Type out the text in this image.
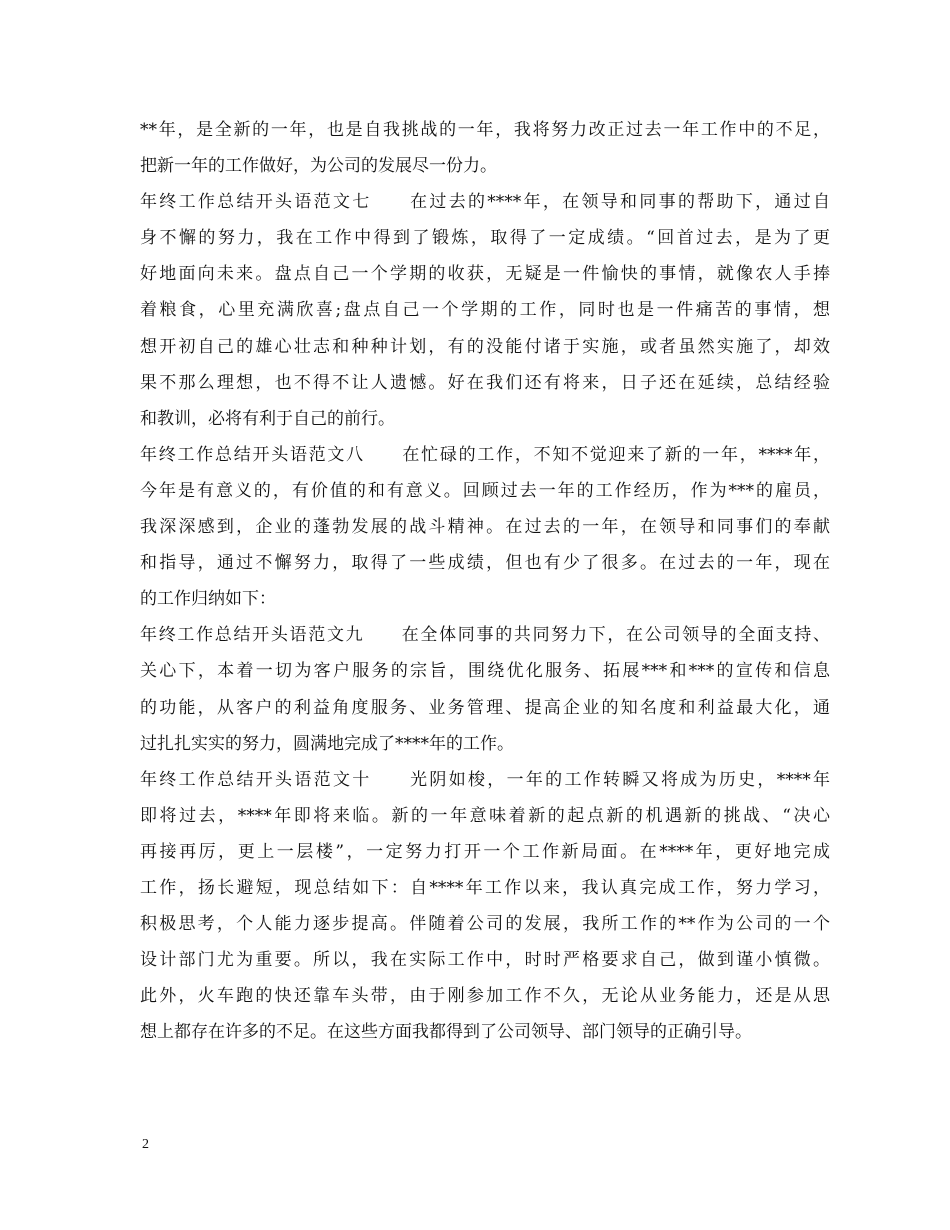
**年，是全新的一年，也是自我挑战的一年，我将努力改正过去一年工作中的不足，
把新一年的工作做好，为公司的发展尽一份力。
年终工作总结开头语范文七　　在过去的****年，在领导和同事的帮助下，通过自
身不懈的努力，我在工作中得到了锻炼，取得了一定成绩。“回首过去，是为了更
好地面向未来。盘点自己一个学期的收获，无疑是一件愉快的事情，就像农人手捧
着粮食，心里充满欣喜;盘点自己一个学期的工作，同时也是一件痛苦的事情，想
想开初自己的雄心壮志和种种计划，有的没能付诸于实施，或者虽然实施了，却效
果不那么理想，也不得不让人遗憾。好在我们还有将来，日子还在延续，总结经验
和教训，必将有利于自己的前行。
年终工作总结开头语范文八　　在忙碌的工作，不知不觉迎来了新的一年，****年，
今年是有意义的，有价值的和有意义。回顾过去一年的工作经历，作为***的雇员，
我深深感到，企业的蓬勃发展的战斗精神。在过去的一年，在领导和同事们的奉献
和指导，通过不懈努力，取得了一些成绩，但也有少了很多。在过去的一年，现在
的工作归纳如下：
年终工作总结开头语范文九　　在全体同事的共同努力下，在公司领导的全面支持、
关心下，本着一切为客户服务的宗旨，围绕优化服务、拓展***和***的宣传和信息
的功能，从客户的利益角度服务、业务管理、提高企业的知名度和利益最大化，通
过扎扎实实的努力，圆满地完成了****年的工作。
年终工作总结开头语范文十　　光阴如梭，一年的工作转瞬又将成为历史，****年
即将过去，****年即将来临。新的一年意味着新的起点新的机遇新的挑战、“决心
再接再厉，更上一层楼”，一定努力打开一个工作新局面。在****年，更好地完成
工作，扬长避短，现总结如下：自****年工作以来，我认真完成工作，努力学习，
积极思考，个人能力逐步提高。伴随着公司的发展，我所工作的**作为公司的一个
设计部门尤为重要。所以，我在实际工作中，时时严格要求自己，做到谨小慎微。
此外，火车跑的快还靠车头带，由于刚参加工作不久，无论从业务能力，还是从思
想上都存在许多的不足。在这些方面我都得到了公司领导、部门领导的正确引导。
2
